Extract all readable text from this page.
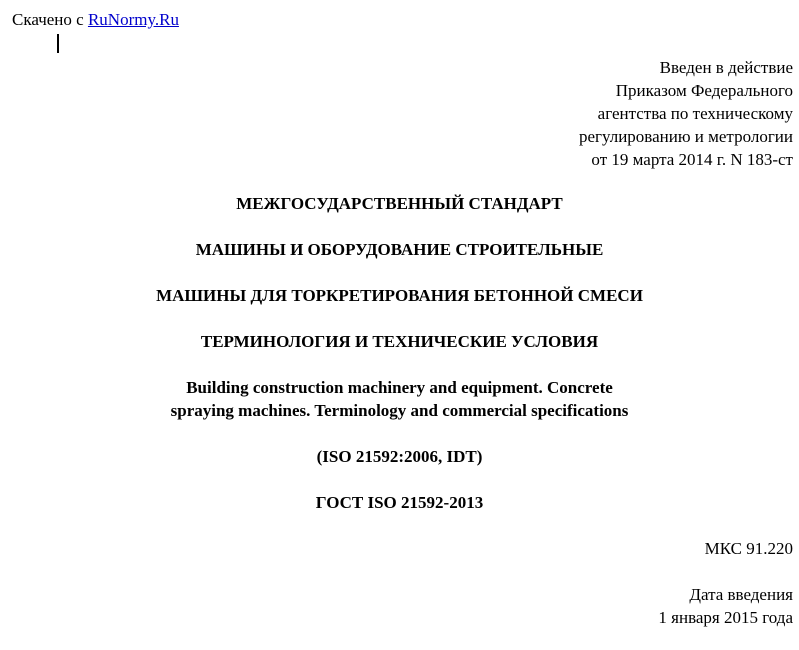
Скачено с RuNormy.Ru
Введен в действие
Приказом Федерального
агентства по техническому
регулированию и метрологии
от 19 марта 2014 г. N 183-ст
МЕЖГОСУДАРСТВЕННЫЙ СТАНДАРТ
МАШИНЫ И ОБОРУДОВАНИЕ СТРОИТЕЛЬНЫЕ
МАШИНЫ ДЛЯ ТОРКРЕТИРОВАНИЯ БЕТОННОЙ СМЕСИ
ТЕРМИНОЛОГИЯ И ТЕХНИЧЕСКИЕ УСЛОВИЯ
Building construction machinery and equipment. Concrete
spraying machines. Terminology and commercial specifications
(ISO 21592:2006, IDT)
ГОСТ ISO 21592-2013
МКС 91.220
Дата введения
1 января 2015 года
